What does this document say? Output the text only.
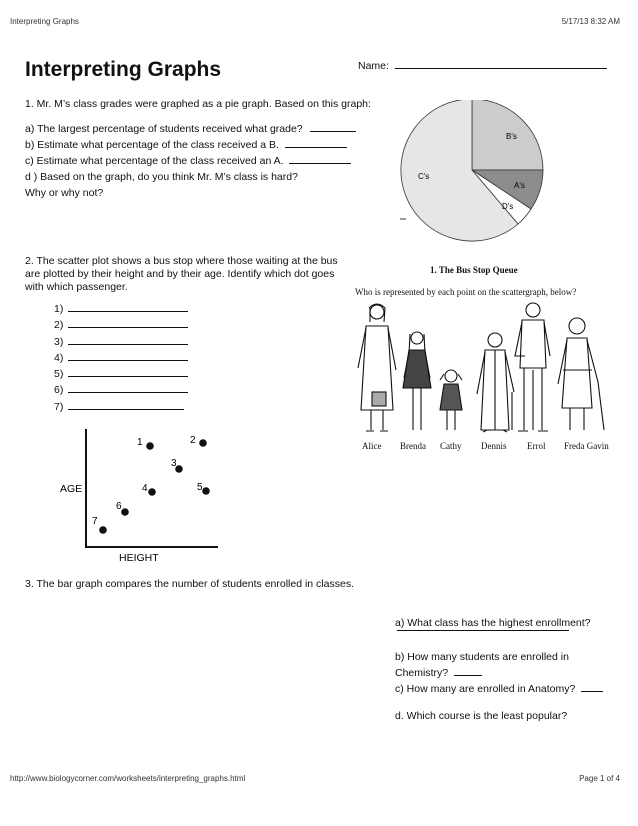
Interpreting Graphs	5/17/13 8:32 AM
Interpreting Graphs	Name:
1. Mr. M’s class grades were graphed as a pie graph. Based on this graph:
a) The largest percentage of students received what grade?
b) Estimate what percentage of the class received a B.
c) Estimate what percentage of the class received an A.
d ) Based on the graph, do you think Mr. M’s class is hard?
Why or why not?
B's
C's
A's
D's
2. The scatter plot shows a bus stop where those waiting at the bus are plotted by their height and by their age. Identify which dot goes with which passenger.
1)
2)
3)
4)
5)
6)
7)
AGE
HEIGHT
1	2
3
4	5
6
7
1. The Bus Stop Queue
Who is represented by each point on the scattergraph, below?
Alice Brenda Cathy Dennis Errol Freda Gavin
3. The bar graph compares the number of students enrolled in classes.
a) What class has the highest enrollment?
b) How many students are enrolled in
Chemistry?
c) How many are enrolled in Anatomy?
d. Which course is the least popular?
http://www.biologycorner.com/worksheets/interpreting_graphs.html	Page 1 of 4
